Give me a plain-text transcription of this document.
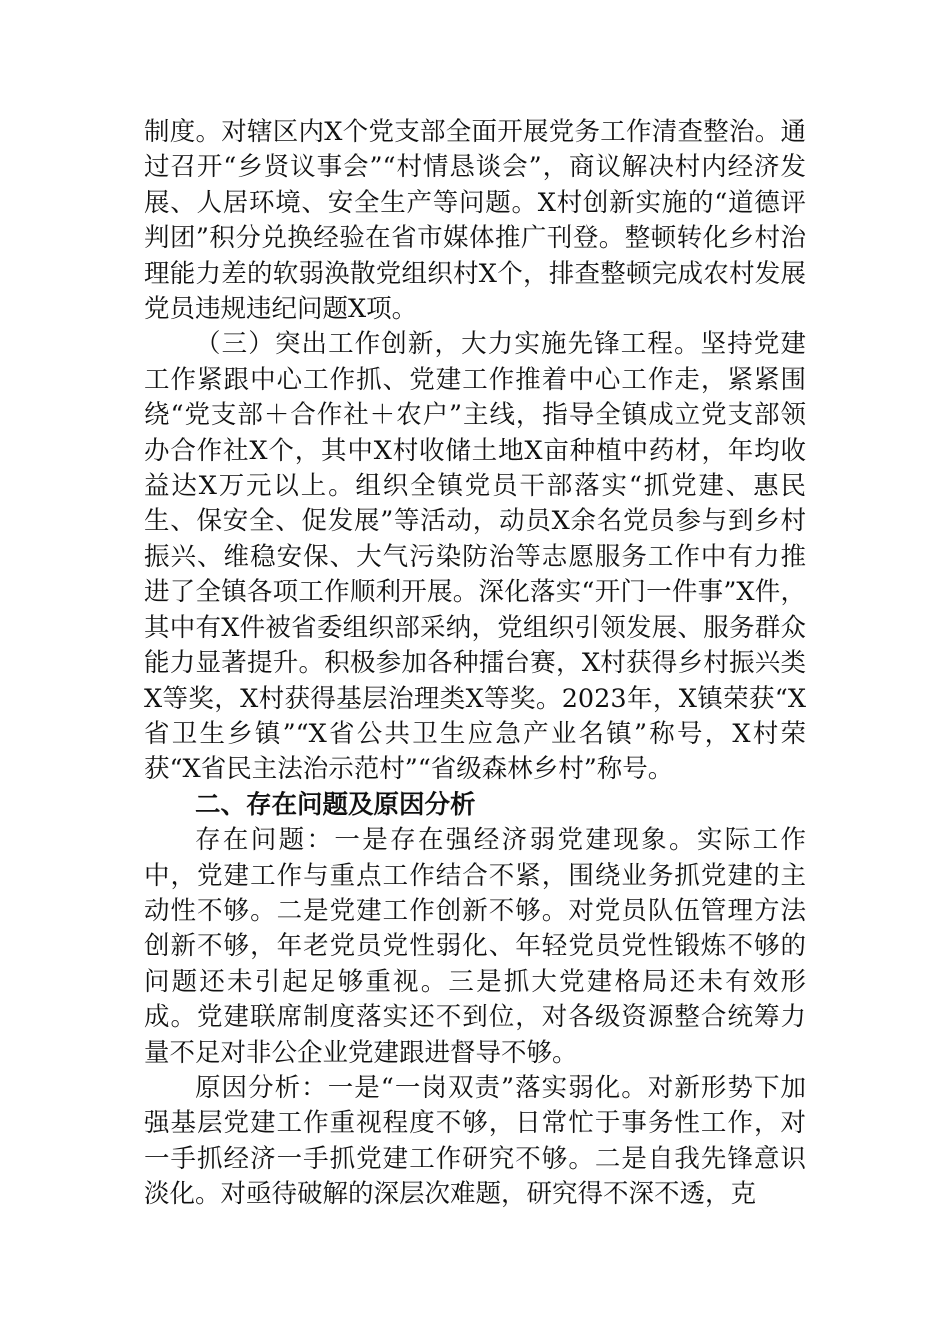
制度。对辖区内X个党支部全面开展党务工作清查整治。通过召开“乡贤议事会”“村情恳谈会”，商议解决村内经济发展、人居环境、安全生产等问题。X村创新实施的“道德评判团”积分兑换经验在省市媒体推广刊登。整顿转化乡村治理能力差的软弱涣散党组织村X个，排查整顿完成农村发展党员违规违纪问题X项。

（三）突出工作创新，大力实施先锋工程。坚持党建工作紧跟中心工作抓、党建工作推着中心工作走，紧紧围绕“党支部＋合作社＋农户”主线，指导全镇成立党支部领办合作社X个，其中X村收储土地X亩种植中药材，年均收益达X万元以上。组织全镇党员干部落实“抓党建、惠民生、保安全、促发展”等活动，动员X余名党员参与到乡村振兴、维稳安保、大气污染防治等志愿服务工作中有力推进了全镇各项工作顺利开展。深化落实“开门一件事”X件，其中有X件被省委组织部采纳，党组织引领发展、服务群众能力显著提升。积极参加各种擂台赛，X村获得乡村振兴类X等奖，X村获得基层治理类X等奖。2023年，X镇荣获“X省卫生乡镇”“X省公共卫生应急产业名镇”称号，X村荣获“X省民主法治示范村”“省级森林乡村”称号。

二、存在问题及原因分析

存在问题：一是存在强经济弱党建现象。实际工作中，党建工作与重点工作结合不紧，围绕业务抓党建的主动性不够。二是党建工作创新不够。对党员队伍管理方法创新不够，年老党员党性弱化、年轻党员党性锻炼不够的问题还未引起足够重视。三是抓大党建格局还未有效形成。党建联席制度落实还不到位，对各级资源整合统筹力量不足对非公企业党建跟进督导不够。

原因分析：一是“一岗双责”落实弱化。对新形势下加强基层党建工作重视程度不够，日常忙于事务性工作，对一手抓经济一手抓党建工作研究不够。二是自我先锋意识淡化。对亟待破解的深层次难题，研究得不深不透，克
